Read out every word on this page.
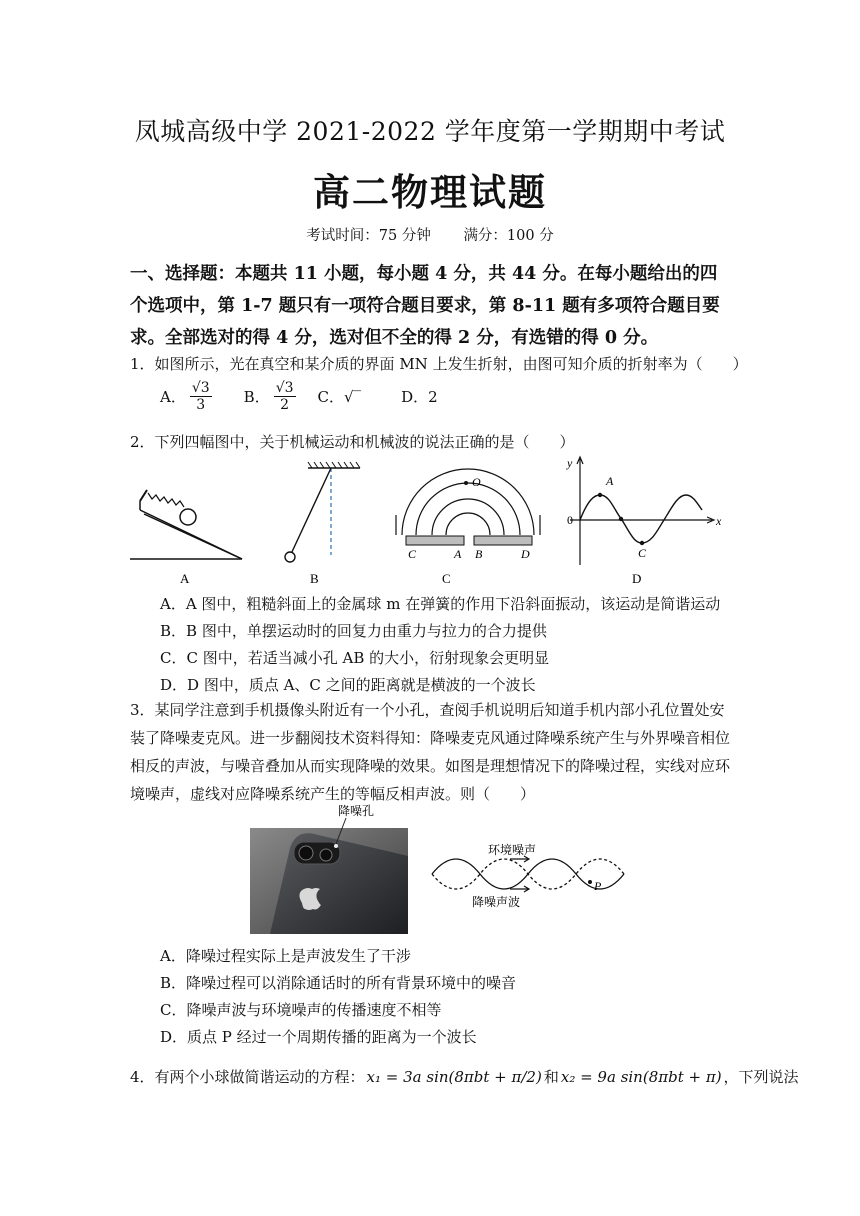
凤城高级中学 2021-2022 学年度第一学期期中考试
高二物理试题
考试时间：75 分钟 满分：100 分
一、选择题：本题共 11 小题，每小题 4 分，共 44 分。在每小题给出的四个选项中，第 1-7 题只有一项符合题目要求，第 8-11 题有多项符合题目要求。全部选对的得 4 分，选对但不全的得 2 分，有选错的得 0 分。
1．如图所示，光在真空和某介质的界面 MN 上发生折射，由图可知介质的折射率为（　　）
A． $\frac{√3}{3}$ B． $\frac{√3}{2}$ C． √‾	D． 2
2．下列四幅图中，关于机械运动和机械波的说法正确的是（　　）
A	B
O
C	A B	D
C
y
A
0
C
x
D
A．A 图中，粗糙斜面上的金属球 m 在弹簧的作用下沿斜面振动，该运动是简谐运动
B．B 图中，单摆运动时的回复力由重力与拉力的合力提供
C．C 图中，若适当减小孔 AB 的大小，衍射现象会更明显
D．D 图中，质点 A、C 之间的距离就是横波的一个波长
3．某同学注意到手机摄像头附近有一个小孔，查阅手机说明后知道手机内部小孔位置处安装了降噪麦克风。进一步翻阅技术资料得知：降噪麦克风通过降噪系统产生与外界噪音相位相反的声波，与噪音叠加从而实现降噪的效果。如图是理想情况下的降噪过程，实线对应环境噪声，虚线对应降噪系统产生的等幅反相声波。则（　　）
降噪孔
环境噪声
降噪声波
P
A．降噪过程实际上是声波发生了干涉
B．降噪过程可以消除通话时的所有背景环境中的噪音
C．降噪声波与环境噪声的传播速度不相等
D．质点 P 经过一个周期传播的距离为一个波长
4．有两个小球做简谐运动的方程： x₁ = 3a sin(8πbt + π/2) 和 x₂ = 9a sin(8πbt + π) ，下列说法
